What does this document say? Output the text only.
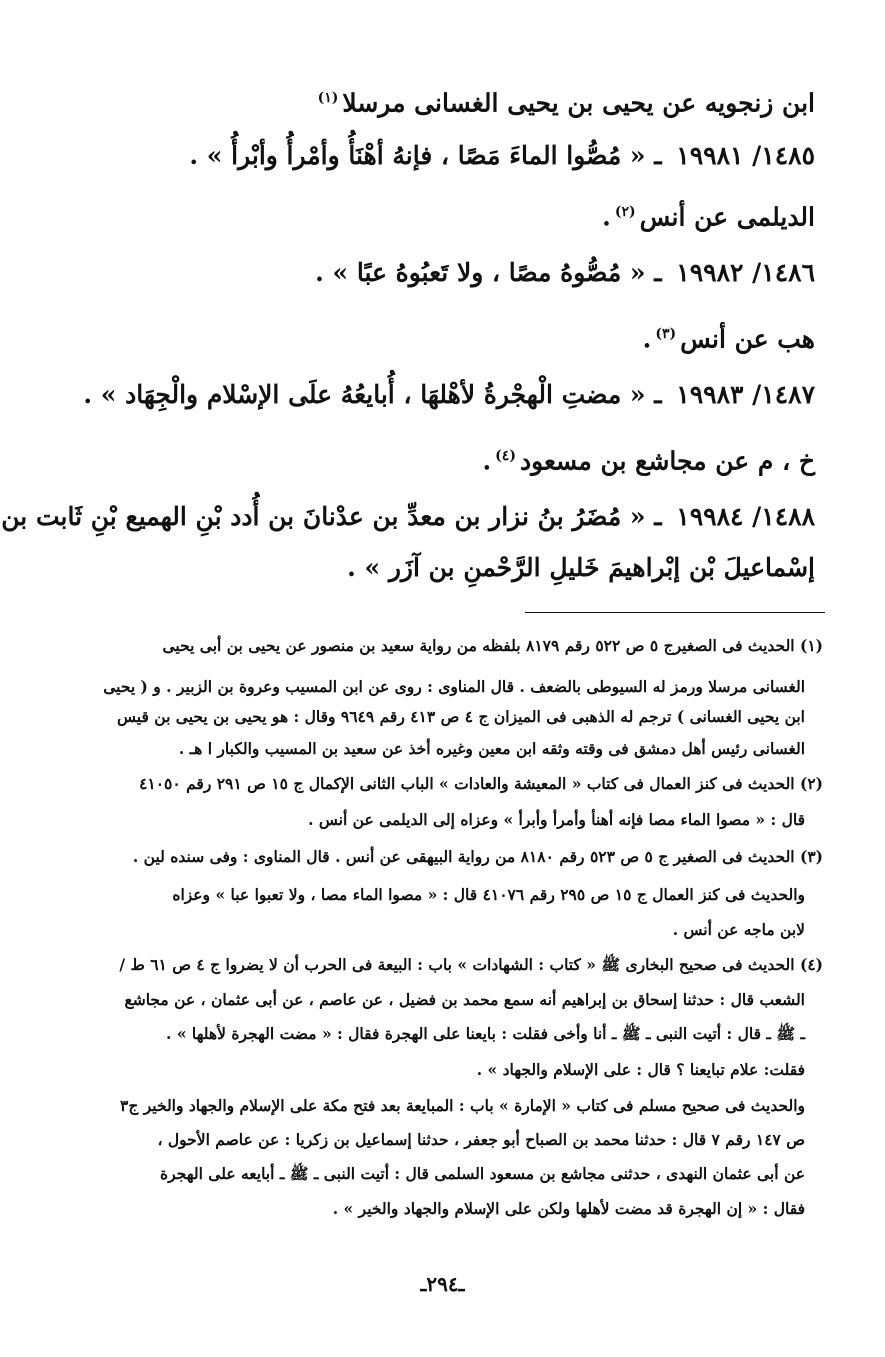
ابن زنجويه عن يحيى بن يحيى الغسانى مرسلا$^{(١)}$
١٤٨٥/ ١٩٩٨١ ـ « مُصُّوا الماءَ مَصًا ، فإنهُ أهْنَأُ وأمْرأُ وأبْرأُ » .
الديلمى عن أنس$^{(٢)}$.
١٤٨٦/ ١٩٩٨٢ ـ « مُصُّوهُ مصًا ، ولا تَعبُوهُ عبًا » .
هب عن أنس$^{(٣)}$.
١٤٨٧/ ١٩٩٨٣ ـ « مضتِ الْهجْرةُ لأهْلهَا ، أُبايعُهُ علَى الإسْلام والْجِهَاد » .
خ ، م عن مجاشع بن مسعود$^{(٤)}$.
١٤٨٨/ ١٩٩٨٤ ـ « مُضَرُ بنُ نزار بن معدِّ بن عدْنانَ بن أُدد بْنِ الهميع بْنِ ثَابت بن
إسْماعيلَ بْن إبْراهيمَ خَليلِ الرَّحْمنِ بن آزَر » .
(١) الحديث فى الصغيرج ٥ ص ٥٢٢ رقم ٨١٧٩ بلفظه من رواية سعيد بن منصور عن يحيى بن أبى يحيى
الغسانى مرسلا ورمز له السيوطى بالضعف . قال المناوى : روى عن ابن المسيب وعروة بن الزبير . و ( يحيى
ابن يحيى الغسانى ) ترجم له الذهبى فى الميزان ج ٤ ص ٤١٣ رقم ٩٦٤٩ وقال : هو يحيى بن يحيى بن قيس
الغسانى رئيس أهل دمشق فى وقته وثقه ابن معين وغيره أخذ عن سعيد بن المسيب والكبار ا هـ .
(٢) الحديث فى كنز العمال فى كتاب « المعيشة والعادات » الباب الثانى الإكمال ج ١٥ ص ٢٩١ رقم ٤١٠٥٠
قال : « مصوا الماء مصا فإنه أهنأ وأمرأ وأبرأ » وعزاه إلى الديلمى عن أنس .
(٣) الحديث فى الصغير ج ٥ ص ٥٢٣ رقم ٨١٨٠ من رواية البيهقى عن أنس . قال المناوى : وفى سنده لين .
والحديث فى كنز العمال ج ١٥ ص ٢٩٥ رقم ٤١٠٧٦ قال : « مصوا الماء مصا ، ولا تعبوا عبا » وعزاه
لابن ماجه عن أنس .
(٤) الحديث فى صحيح البخارى ﷺ « كتاب : الشهادات » باب : البيعة فى الحرب أن لا يضروا ج ٤ ص ٦١ ط /
الشعب قال : حدثنا إسحاق بن إبراهيم أنه سمع محمد بن فضيل ، عن عاصم ، عن أبى عثمان ، عن مجاشع
ـ ﷺ ـ قال : أتيت النبى ـ ﷺ ـ أنا وأخى فقلت : بايعنا على الهجرة فقال : « مضت الهجرة لأهلها » .
فقلت: علام تبايعنا ؟ قال : على الإسلام والجهاد » .
والحديث فى صحيح مسلم فى كتاب « الإمارة » باب : المبايعة بعد فتح مكة على الإسلام والجهاد والخير ج٣
ص ١٤٧ رقم ٧ قال : حدثنا محمد بن الصباح أبو جعفر ، حدثنا إسماعيل بن زكريا : عن عاصم الأحول ،
عن أبى عثمان النهدى ، حدثنى مجاشع بن مسعود السلمى قال : أتيت النبى ـ ﷺ ـ أبايعه على الهجرة
فقال : « إن الهجرة قد مضت لأهلها ولكن على الإسلام والجهاد والخير » .
ـ٢٩٤ـ
